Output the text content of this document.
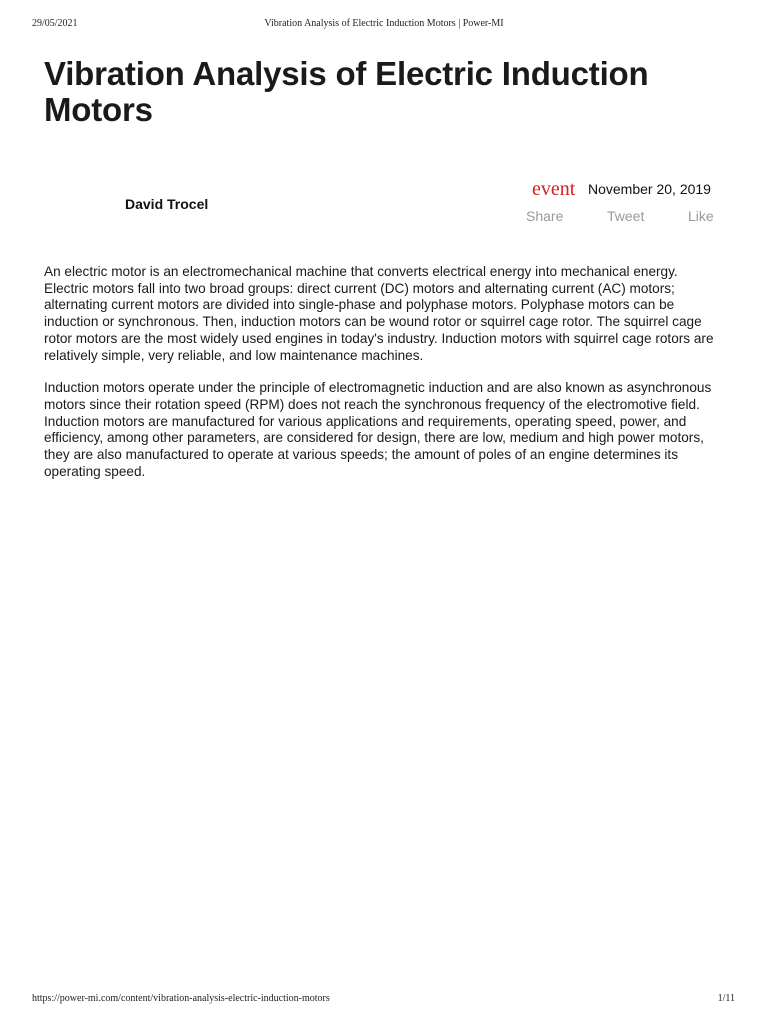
29/05/2021	Vibration Analysis of Electric Induction Motors | Power-MI
Vibration Analysis of Electric Induction Motors
David Trocel
event November 20, 2019
Share	Tweet	Like

An electric motor is an electromechanical machine that converts electrical energy into mechanical energy. Electric motors fall into two broad groups: direct current (DC) motors and alternating current (AC) motors; alternating current motors are divided into single-phase and polyphase motors. Polyphase motors can be induction or synchronous. Then, induction motors can be wound rotor or squirrel cage rotor. The squirrel cage rotor motors are the most widely used engines in today's industry. Induction motors with squirrel cage rotors are relatively simple, very reliable, and low maintenance machines.

Induction motors operate under the principle of electromagnetic induction and are also known as asynchronous motors since their rotation speed (RPM) does not reach the synchronous frequency of the electromotive field. Induction motors are manufactured for various applications and requirements, operating speed, power, and efficiency, among other parameters, are considered for design, there are low, medium and high power motors, they are also manufactured to operate at various speeds; the amount of poles of an engine determines its operating speed.

https://power-mi.com/content/vibration-analysis-electric-induction-motors	1/11
